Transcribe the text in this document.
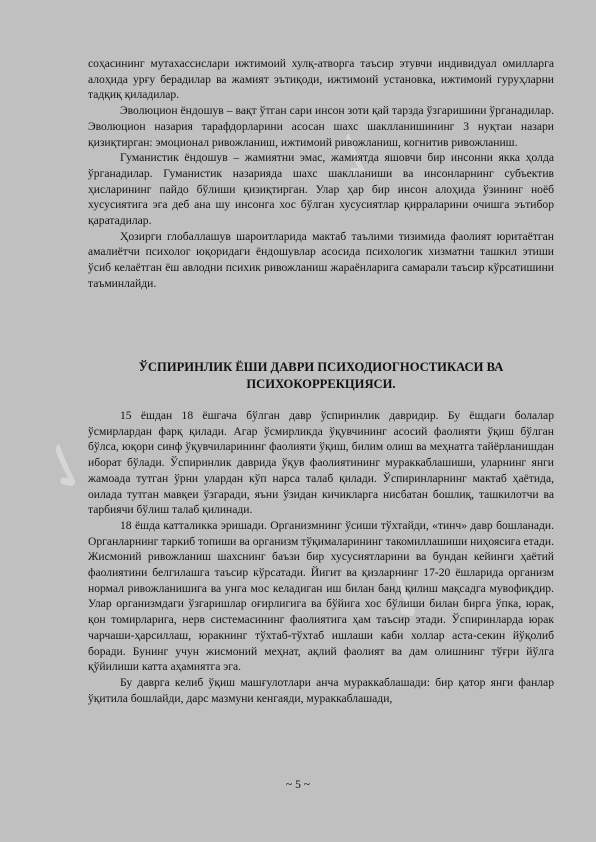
✓
✓
✓

соҳасининг мутахассислари ижтимоий хулқ-атворга таъсир этувчи индивидуал омилларга алоҳида урғу берадилар ва жамият эътиқоди, ижтимоий установка, ижтимоий гуруҳларни тадқиқ қиладилар.

Эволюцион ёндошув – вақт ўтган сари инсон зоти қай тарзда ўзгаришини ўрганадилар. Эволюцион назария тарафдорларини асосан шахс шаклланишининг 3 нуқтаи назари қизиқтирган: эмоционал ривожланиш, ижтимоий ривожланиш, когнитив ривожланиш.

Гуманистик ёндошув – жамиятни эмас, жамиятда яшовчи бир инсонни якка ҳолда ўрганадилар. Гуманистик назарияда шахс шаклланиши ва инсонларнинг субъектив ҳисларининг пайдо бўлиши қизиқтирган. Улар ҳар бир инсон алоҳида ўзининг ноёб хусусиятига эга деб ана шу инсонга хос бўлган хусусиятлар қирраларини очишга эътибор қаратадилар.

Ҳозирги глобаллашув шароитларида мактаб таълими тизимида фаолият юритаётган амалиётчи психолог юқоридаги ёндошувлар асосида психологик хизматни ташкил этиши ўсиб келаётган ёш авлодни психик ривожланиш жараёнларига самарали таъсир кўрсатишини таъминлайди.

ЎСПИРИНЛИК ЁШИ ДАВРИ ПСИХОДИОГНОСТИКАСИ ВА ПСИХОКОРРЕКЦИЯСИ.

15 ёшдан 18 ёшгача бўлган давр ўспиринлик давридир. Бу ёшдаги болалар ўсмирлардан фарқ қилади. Агар ўсмирликда ўқувчининг асосий фаолияти ўқиш бўлган бўлса, юқори синф ўқувчиларининг фаолияти ўқиш, билим олиш ва меҳнатга тайёрланишдан иборат бўлади. Ўспиринлик даврида ўқув фаолиятининг мураккаблашиши, уларнинг янги жамоада тутган ўрни улардан кўп нарса талаб қилади. Ўспиринларнинг мактаб ҳаётида, оилада тутган мавқеи ўзгаради, яъни ўзидан кичикларга нисбатан бошлиқ, ташкилотчи ва тарбиячи бўлиш талаб қилинади.

18 ёшда катталикка эришади. Организмнинг ўсиши тўхтайди, «тинч» давр бошланади. Органларнинг таркиб топиши ва организм тўқималарининг такомиллашиши ниҳоясига етади. Жисмоний ривожланиш шахснинг баъзи бир хусусиятларини ва бундан кейинги ҳаётий фаолиятини белгилашга таъсир кўрсатади. Йигит ва қизларнинг 17-20 ёшларида организм нормал ривожланишига ва унга мос келадиган иш билан банд қилиш мақсадга мувофиқдир. Улар организмдаги ўзгаришлар оғирлигига ва бўйига хос бўлиши билан бирга ўпка, юрак, қон томирларига, нерв системасининг фаолиятига ҳам таъсир этади. Ўспиринларда юрак чарчаши-ҳарсиллаш, юракнинг тўхтаб-тўхтаб ишлаши каби холлар аста-секин йўқолиб боради. Бунинг учун жисмоний меҳнат, ақлий фаолият ва дам олишнинг тўғри йўлга қўйилиши катта аҳамиятга эга.

Бу даврга келиб ўқиш машғулотлари анча мураккаблашади: бир қатор янги фанлар ўқитила бошлайди, дарс мазмуни кенгаяди, мураккаблашади,

~ 5 ~
